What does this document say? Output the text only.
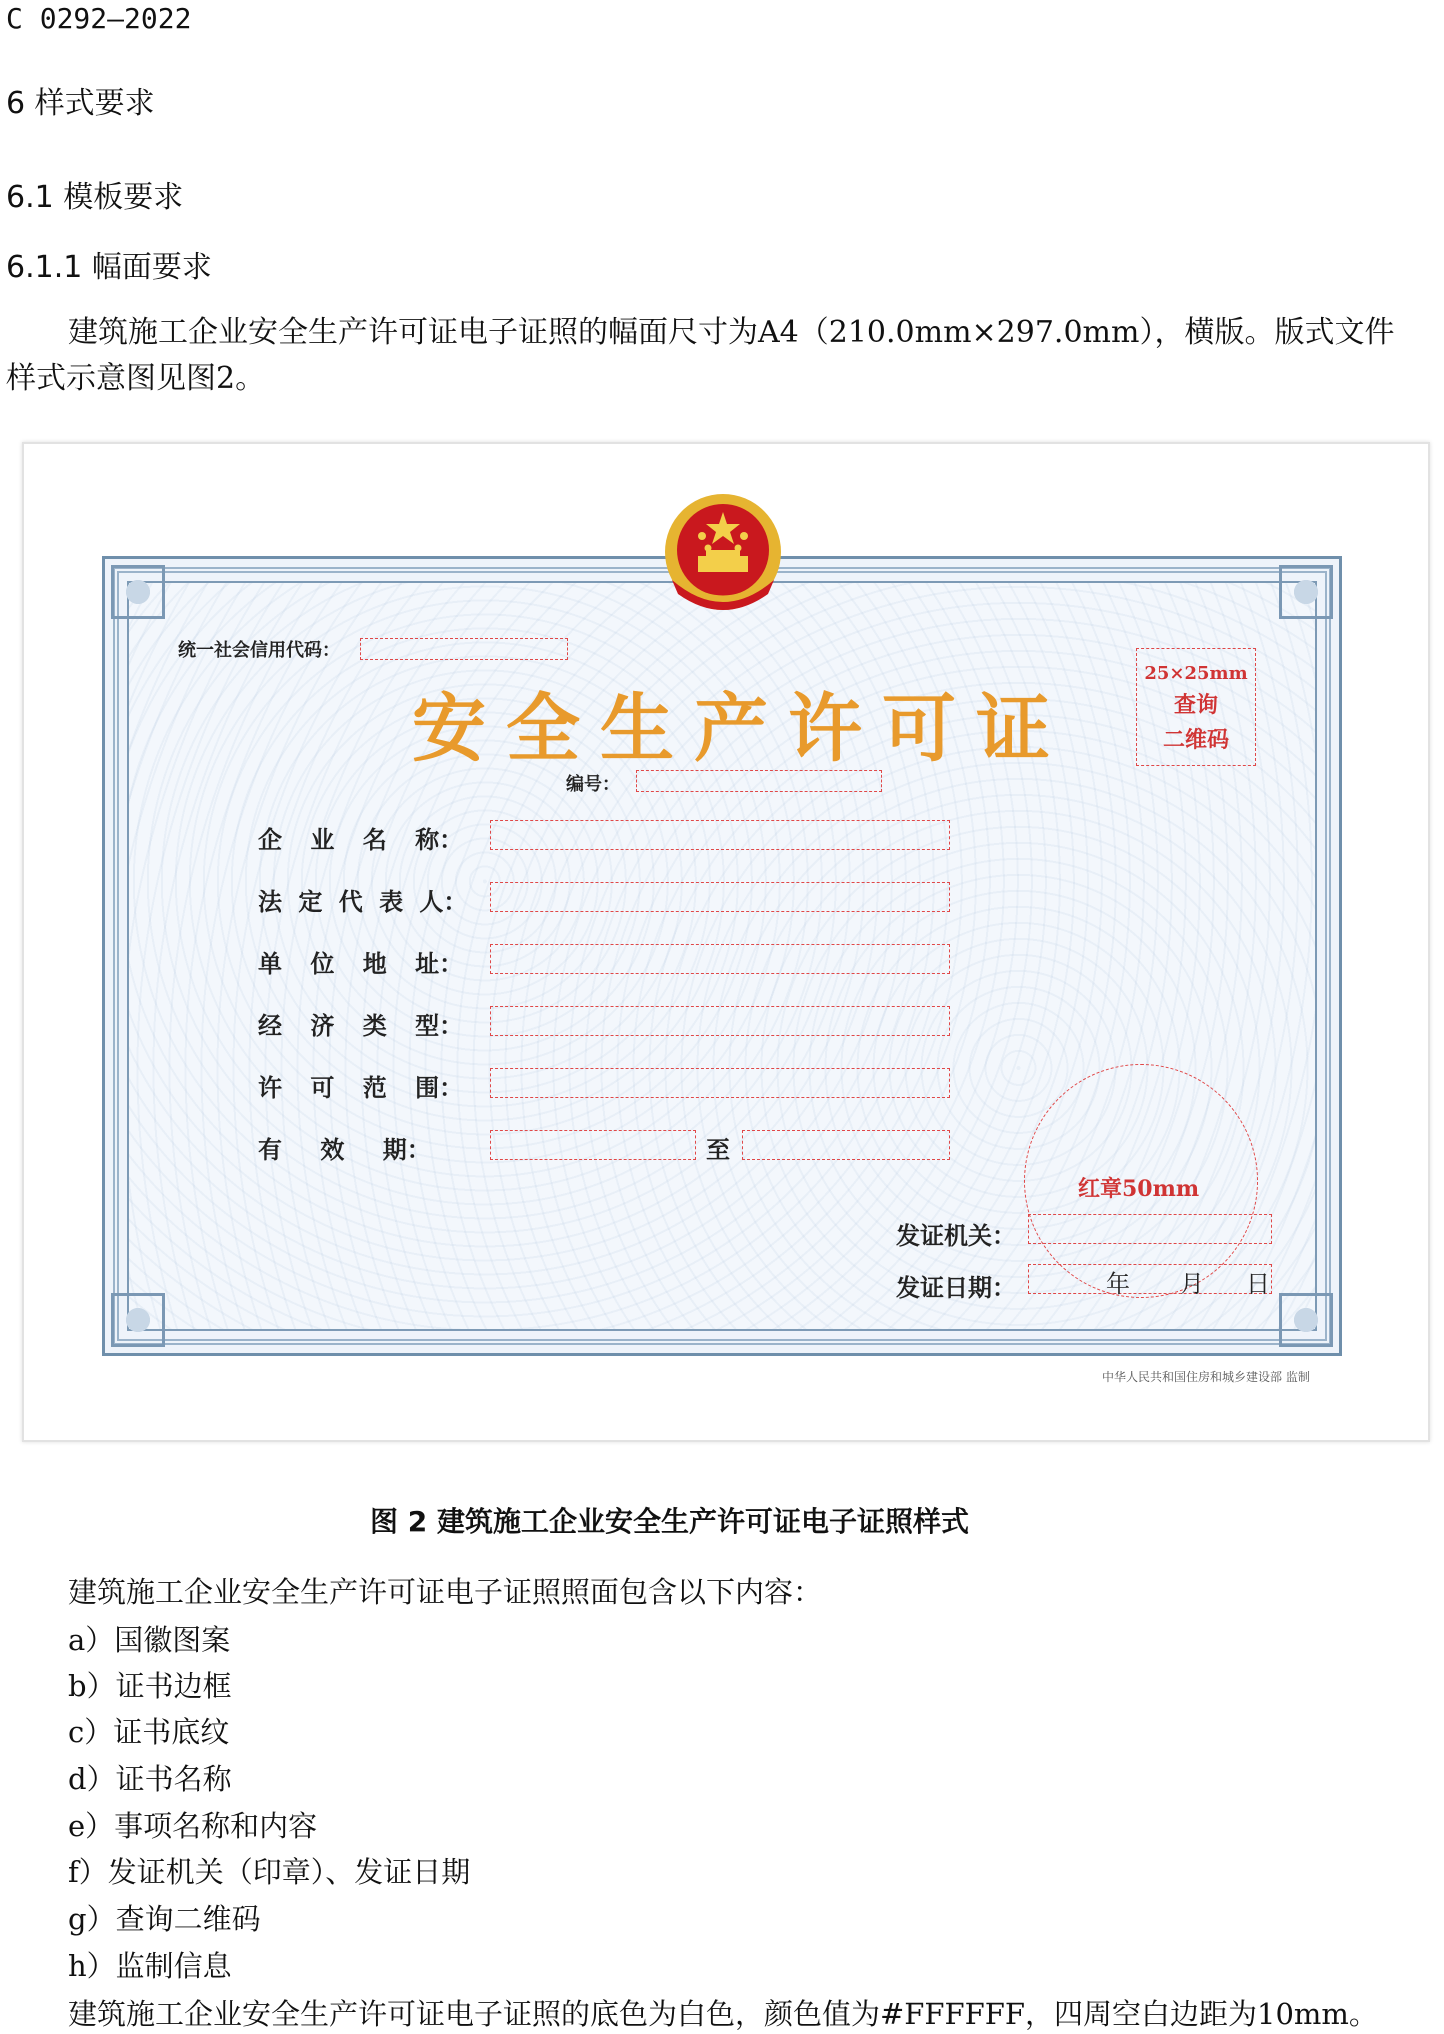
C 0292—2022
6 样式要求
6.1 模板要求
6.1.1 幅面要求
建筑施工企业安全生产许可证电子证照的幅面尺寸为A4（210.0mm×297.0mm），横版。版式文件样式示意图见图2。
统一社会信用代码：
安全生产许可证
25×25mm
查询
二维码
编号：
企 业 名 称：
法 定 代 表 人：
单 位 地 址：
经 济 类 型：
许 可 范 围：
有 效 期：	至
红章50mm
发证机关：
发证日期：	年 月 日
中华人民共和国住房和城乡建设部 监制
图 2 建筑施工企业安全生产许可证电子证照样式
建筑施工企业安全生产许可证电子证照照面包含以下内容：
a）国徽图案
b）证书边框
c）证书底纹
d）证书名称
e）事项名称和内容
f）发证机关（印章）、发证日期
g）查询二维码
h）监制信息
建筑施工企业安全生产许可证电子证照的底色为白色，颜色值为#FFFFFF，四周空白边距为10mm。
